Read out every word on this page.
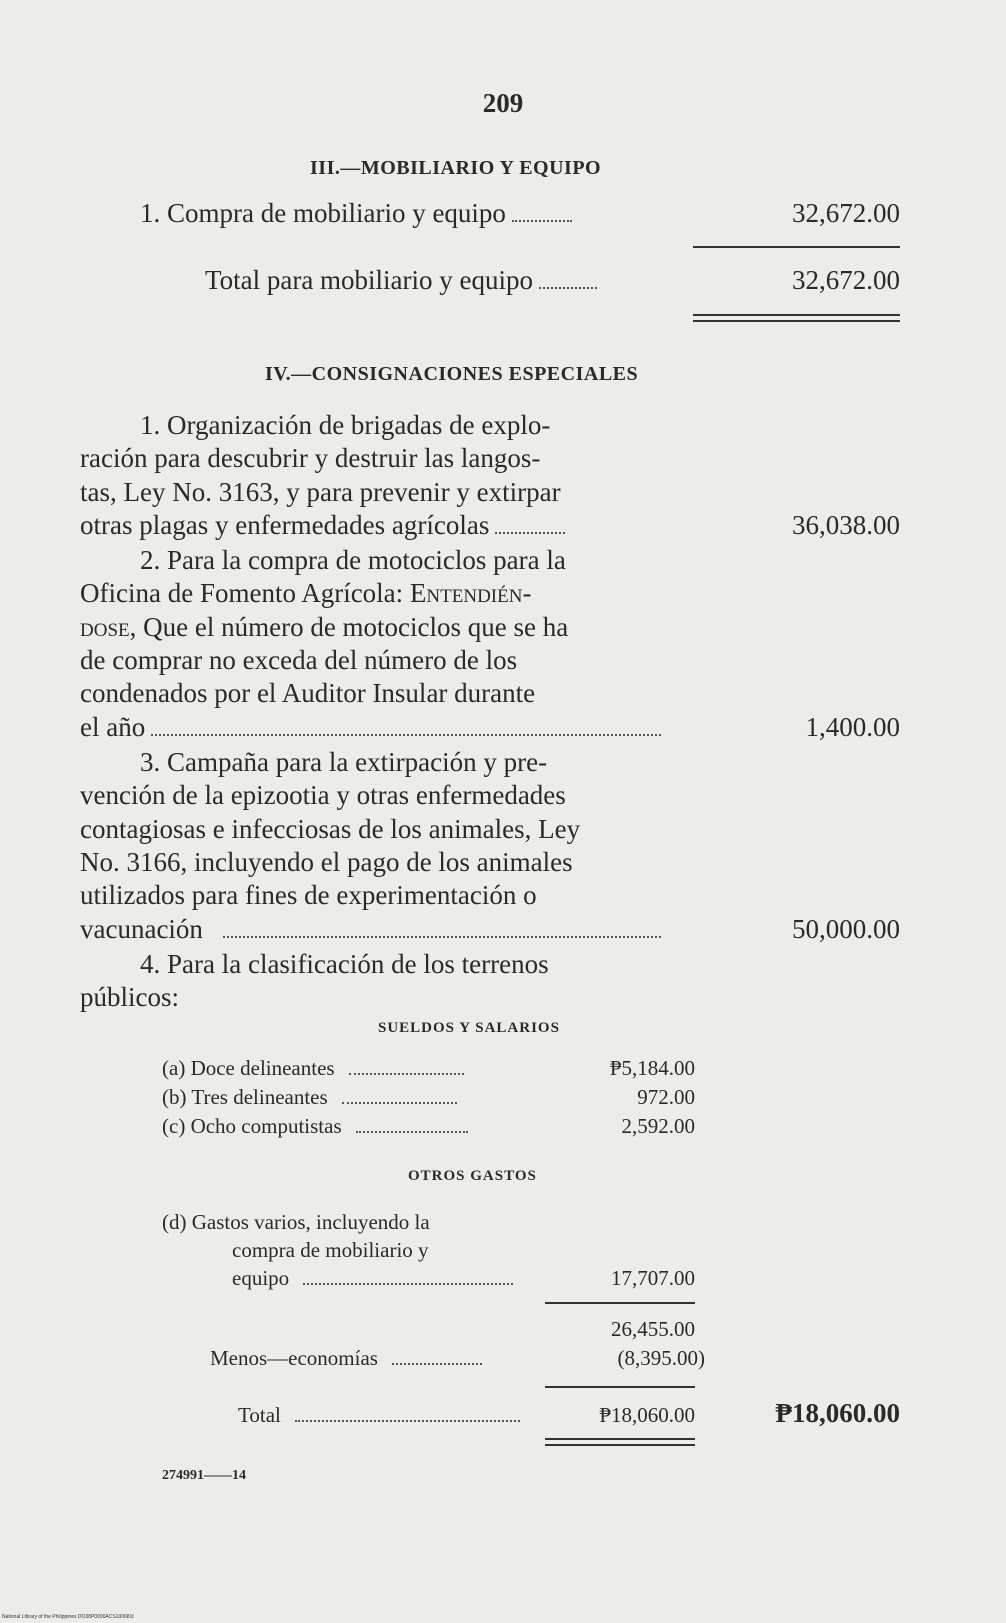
209
III.—MOBILIARIO Y EQUIPO
1. Compra de mobiliario y equipo	32,672.00
Total para mobiliario y equipo	32,672.00
IV.—CONSIGNACIONES ESPECIALES
1. Organización de brigadas de explo-
ración para descubrir y destruir las langos-
tas, Ley No. 3163, y para prevenir y extirpar
otras plagas y enfermedades agrícolas	36,038.00
2. Para la compra de motociclos para la
Oficina de Fomento Agrícola: Entendién-
dose, Que el número de motociclos que se ha
de comprar no exceda del número de los
condenados por el Auditor Insular durante
el año	1,400.00
3. Campaña para la extirpación y pre-
vención de la epizootia y otras enfermedades
contagiosas e infecciosas de los animales, Ley
No. 3166, incluyendo el pago de los animales
utilizados para fines de experimentación o
vacunación	50,000.00
4. Para la clasificación de los terrenos
públicos:
SUELDOS Y SALARIOS
(a) Doce delineantes	₱5,184.00
(b) Tres delineantes	972.00
(c) Ocho computistas	2,592.00
OTROS GASTOS
(d) Gastos varios, incluyendo la
compra de mobiliario y
equipo	17,707.00
26,455.00
Menos—economías	(8,395.00)
Total	₱18,060.00	₱18,060.00
274991——14
National Library of the Philippines DO38P0000ACS100681t
